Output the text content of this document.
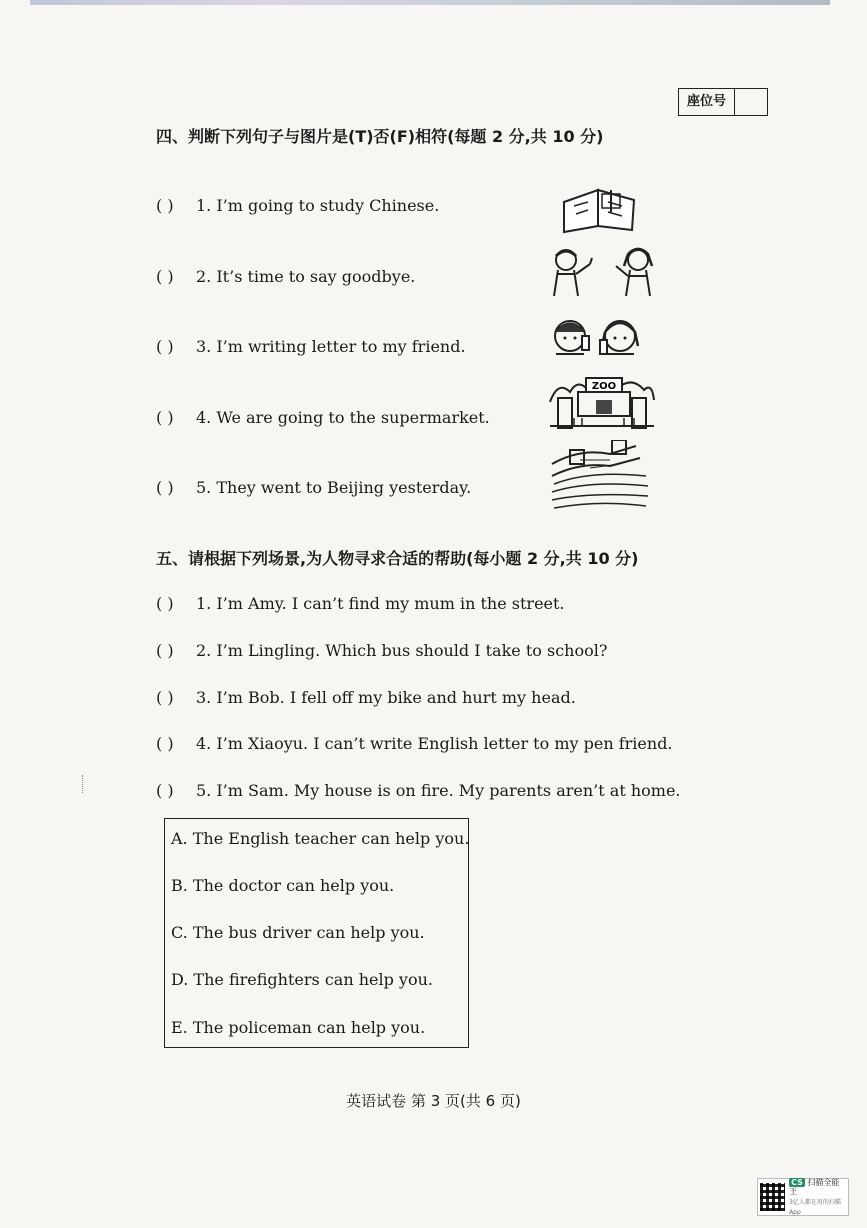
座位号
四、判断下列句子与图片是(T)否(F)相符(每题 2 分,共 10 分)
( ) 1. I’m going to study Chinese.
( ) 2. It’s time to say goodbye.
( ) 3. I’m writing letter to my friend.
( ) 4. We are going to the supermarket.
( ) 5. They went to Beijing yesterday.
ZOO
五、请根据下列场景,为人物寻求合适的帮助(每小题 2 分,共 10 分)
( ) 1. I’m Amy. I can’t find my mum in the street.
( ) 2. I’m Lingling. Which bus should I take to school?
( ) 3. I’m Bob. I fell off my bike and hurt my head.
( ) 4. I’m Xiaoyu. I can’t write English letter to my pen friend.
( ) 5. I’m Sam. My house is on fire. My parents aren’t at home.
A. The English teacher can help you.
B. The doctor can help you.
C. The bus driver can help you.
D. The firefighters can help you.
E. The policeman can help you.
英语试卷 第 3 页(共 6 页)
CS 扫描全能王
3亿人都在用的扫描App
